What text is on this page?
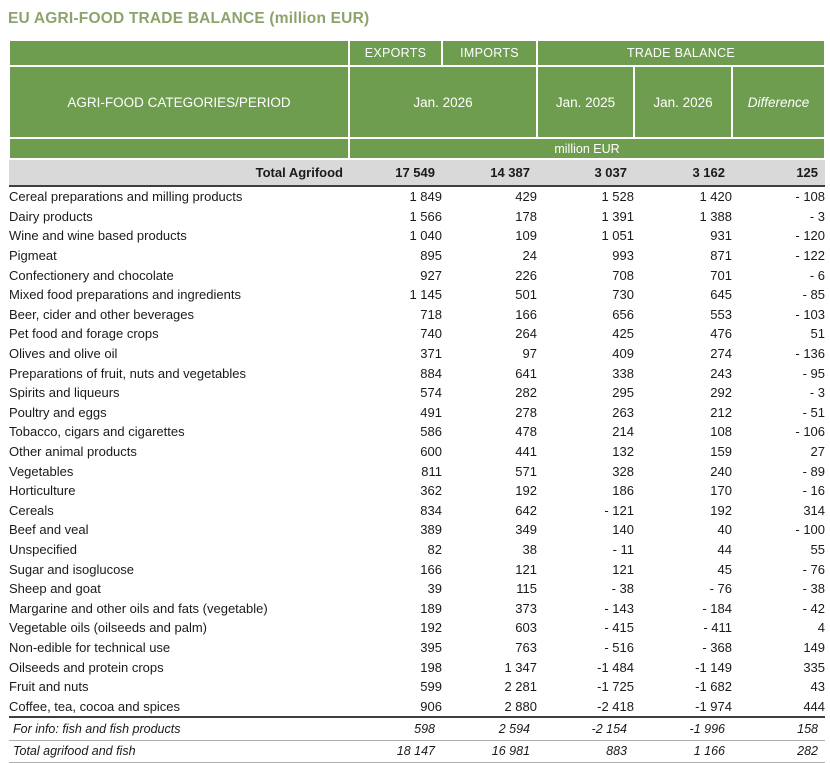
EU AGRI-FOOD TRADE BALANCE (million EUR)
	EXPORTS	IMPORTS	TRADE BALANCE		
AGRI-FOOD CATEGORIES/PERIOD	Jan. 2026		Jan. 2025	Jan. 2026	Difference
	million EUR				
Total Agrifood	17 549	14 387	3 037	3 162	125
Cereal preparations and milling products	1 849	429	1 528	1 420	- 108
Dairy products	1 566	178	1 391	1 388	- 3
Wine and wine based products	1 040	109	1 051	931	- 120
Pigmeat	895	24	993	871	- 122
Confectionery and chocolate	927	226	708	701	- 6
Mixed food preparations and ingredients	1 145	501	730	645	- 85
Beer, cider and other beverages	718	166	656	553	- 103
Pet food and forage crops	740	264	425	476	51
Olives and olive oil	371	97	409	274	- 136
Preparations of fruit, nuts and vegetables	884	641	338	243	- 95
Spirits and liqueurs	574	282	295	292	- 3
Poultry and eggs	491	278	263	212	- 51
Tobacco, cigars and cigarettes	586	478	214	108	- 106
Other animal products	600	441	132	159	27
Vegetables	811	571	328	240	- 89
Horticulture	362	192	186	170	- 16
Cereals	834	642	- 121	192	314
Beef and veal	389	349	140	40	- 100
Unspecified	82	38	- 11	44	55
Sugar and isoglucose	166	121	121	45	- 76
Sheep and goat	39	115	- 38	- 76	- 38
Margarine and other oils and fats (vegetable)	189	373	- 143	- 184	- 42
Vegetable oils (oilseeds and palm)	192	603	- 415	- 411	4
Non-edible for technical use	395	763	- 516	- 368	149
Oilseeds and protein crops	198	1 347	-1 484	-1 149	335
Fruit and nuts	599	2 281	-1 725	-1 682	43
Coffee, tea, cocoa and spices	906	2 880	-2 418	-1 974	444
For info: fish and fish products	598	2 594	-2 154	-1 996	158
Total agrifood and fish	18 147	16 981	883	1 166	282
